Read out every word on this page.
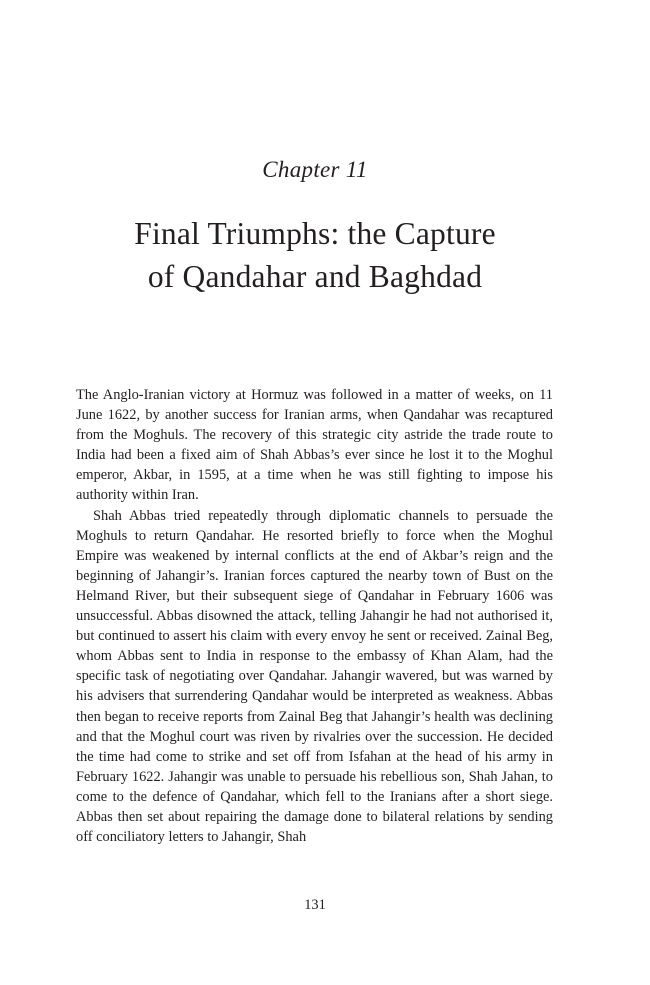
Chapter 11
Final Triumphs: the Capture
of Qandahar and Baghdad

The Anglo-Iranian victory at Hormuz was followed in a matter of weeks, on 11 June 1622, by another success for Iranian arms, when Qandahar was recaptured from the Moghuls. The recovery of this strategic city astride the trade route to India had been a fixed aim of Shah Abbas’s ever since he lost it to the Moghul emperor, Akbar, in 1595, at a time when he was still fighting to impose his authority within Iran.

Shah Abbas tried repeatedly through diplomatic channels to persuade the Moghuls to return Qandahar. He resorted briefly to force when the Moghul Empire was weakened by internal conflicts at the end of Akbar’s reign and the beginning of Jahangir’s. Iranian forces captured the nearby town of Bust on the Helmand River, but their subsequent siege of Qandahar in February 1606 was unsuccessful. Abbas disowned the attack, telling Jahangir he had not authorised it, but continued to assert his claim with every envoy he sent or received. Zainal Beg, whom Abbas sent to India in response to the embassy of Khan Alam, had the specific task of negotiating over Qandahar. Jahangir wavered, but was warned by his advisers that surrendering Qandahar would be interpreted as weakness. Abbas then began to receive reports from Zainal Beg that Jahangir’s health was declining and that the Moghul court was riven by rivalries over the succession. He decided the time had come to strike and set off from Isfahan at the head of his army in February 1622. Jahangir was unable to persuade his rebellious son, Shah Jahan, to come to the defence of Qandahar, which fell to the Iranians after a short siege. Abbas then set about repairing the damage done to bilateral relations by sending off conciliatory letters to Jahangir, Shah

131
